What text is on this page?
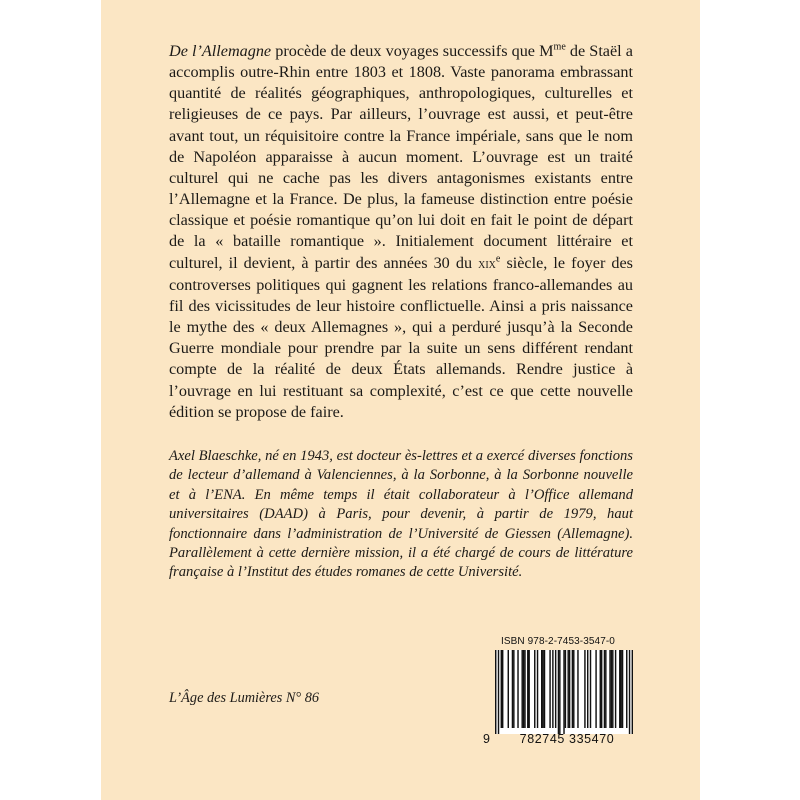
De l’Allemagne procède de deux voyages successifs que $M^{me}$ de Staël a accomplis outre-Rhin entre 1803 et 1808. Vaste panorama embrassant quantité de réalités géographiques, anthropologiques, culturelles et religieuses de ce pays. Par ailleurs, l’ouvrage est aussi, et peut-être avant tout, un réquisitoire contre la France impériale, sans que le nom de Napoléon apparaisse à aucun moment. L’ouvrage est un traité culturel qui ne cache pas les divers antagonismes existants entre l’Allemagne et la France. De plus, la fameuse distinction entre poésie classique et poésie romantique qu’on lui doit en fait le point de départ de la « bataille romantique ». Initialement document littéraire et culturel, il devient, à partir des années 30 du xix$^e$ siècle, le foyer des controverses politiques qui gagnent les relations franco-allemandes au fil des vicissitudes de leur histoire conflictuelle. Ainsi a pris naissance le mythe des « deux Allemagnes », qui a perduré jusqu’à la Seconde Guerre mondiale pour prendre par la suite un sens différent rendant compte de la réalité de deux États allemands. Rendre justice à l’ouvrage en lui restituant sa complexité, c’est ce que cette nouvelle édition se propose de faire.

Axel Blaeschke, né en 1943, est docteur ès-lettres et a exercé diverses fonctions de lecteur d’allemand à Valenciennes, à la Sorbonne, à la Sorbonne nouvelle et à l’ENA. En même temps il était collaborateur à l’Office allemand universitaires (DAAD) à Paris, pour devenir, à partir de 1979, haut fonctionnaire dans l’administration de l’Université de Giessen (Allemagne). Parallèlement à cette dernière mission, il a été chargé de cours de littérature française à l’Institut des études romanes de cette Université.

L’Âge des Lumières N° 86

ISBN 978-2-7453-3547-0
9	782745 335470
